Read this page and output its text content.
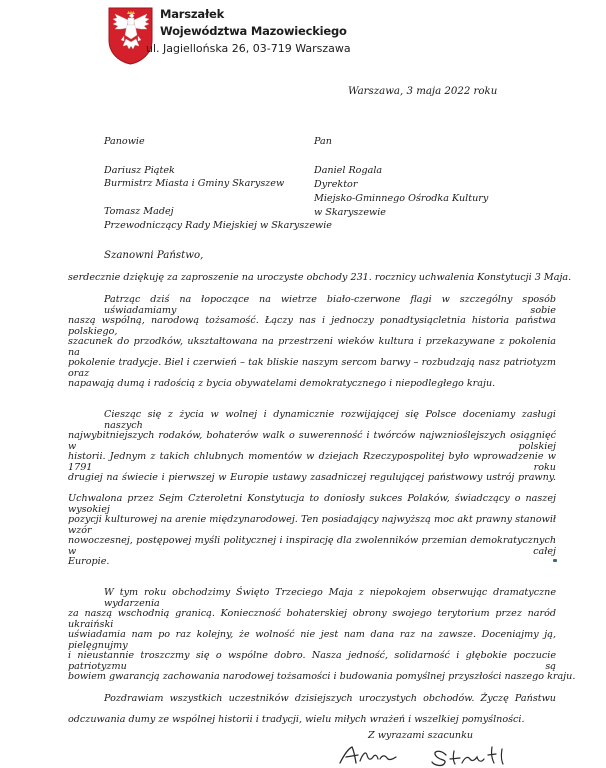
Marszałek
Województwa Mazowieckiego
ul. Jagiellońska 26, 03-719 Warszawa
Warszawa, 3 maja 2022 roku
Panowie	Pan
Dariusz Piątek
Burmistrz Miasta i Gminy Skaryszew
Tomasz Madej
Przewodniczący Rady Miejskiej w Skaryszewie
Daniel Rogala
Dyrektor
Miejsko-Gminnego Ośrodka Kultury
w Skaryszewie
Szanowni Państwo,
serdecznie dziękuję za zaproszenie na uroczyste obchody 231. rocznicy uchwalenia Konstytucji 3 Maja.
Patrząc dziś na łopoczące na wietrze biało-czerwone flagi w szczególny sposób uświadamiamy sobie
naszą wspólną, narodową tożsamość. Łączy nas i jednoczy ponadtysiącletnia historia państwa polskiego,
szacunek do przodków, ukształtowana na przestrzeni wieków kultura i przekazywane z pokolenia na
pokolenie tradycje. Biel i czerwień – tak bliskie naszym sercom barwy – rozbudzają nasz patriotyzm oraz
napawają dumą i radością z bycia obywatelami demokratycznego i niepodległego kraju.
Ciesząc się z życia w wolnej i dynamicznie rozwijającej się Polsce doceniamy zasługi naszych
najwybitniejszych rodaków, bohaterów walk o suwerenność i twórców najwznioślejszych osiągnięć w polskiej
historii. Jednym z takich chlubnych momentów w dziejach Rzeczypospolitej było wprowadzenie w 1791 roku
drugiej na świecie i pierwszej w Europie ustawy zasadniczej regulującej państwowy ustrój prawny.
Uchwalona przez Sejm Czteroletni Konstytucja to doniosły sukces Polaków, świadczący o naszej wysokiej
pozycji kulturowej na arenie międzynarodowej. Ten posiadający najwyższą moc akt prawny stanowił wzór
nowoczesnej, postępowej myśli politycznej i inspirację dla zwolenników przemian demokratycznych w całej
Europie.
W tym roku obchodzimy Święto Trzeciego Maja z niepokojem obserwując dramatyczne wydarzenia
za naszą wschodnią granicą. Konieczność bohaterskiej obrony swojego terytorium przez naród ukraiński
uświadamia nam po raz kolejny, że wolność nie jest nam dana raz na zawsze. Doceniajmy ją, pielęgnujmy
i nieustannie troszczmy się o wspólne dobro. Nasza jedność, solidarność i głębokie poczucie patriotyzmu są
bowiem gwarancją zachowania narodowej tożsamości i budowania pomyślnej przyszłości naszego kraju.
Pozdrawiam wszystkich uczestników dzisiejszych uroczystych obchodów. Życzę Państwu
odczuwania dumy ze wspólnej historii i tradycji, wielu miłych wrażeń i wszelkiej pomyślności.
Z wyrazami szacunku
